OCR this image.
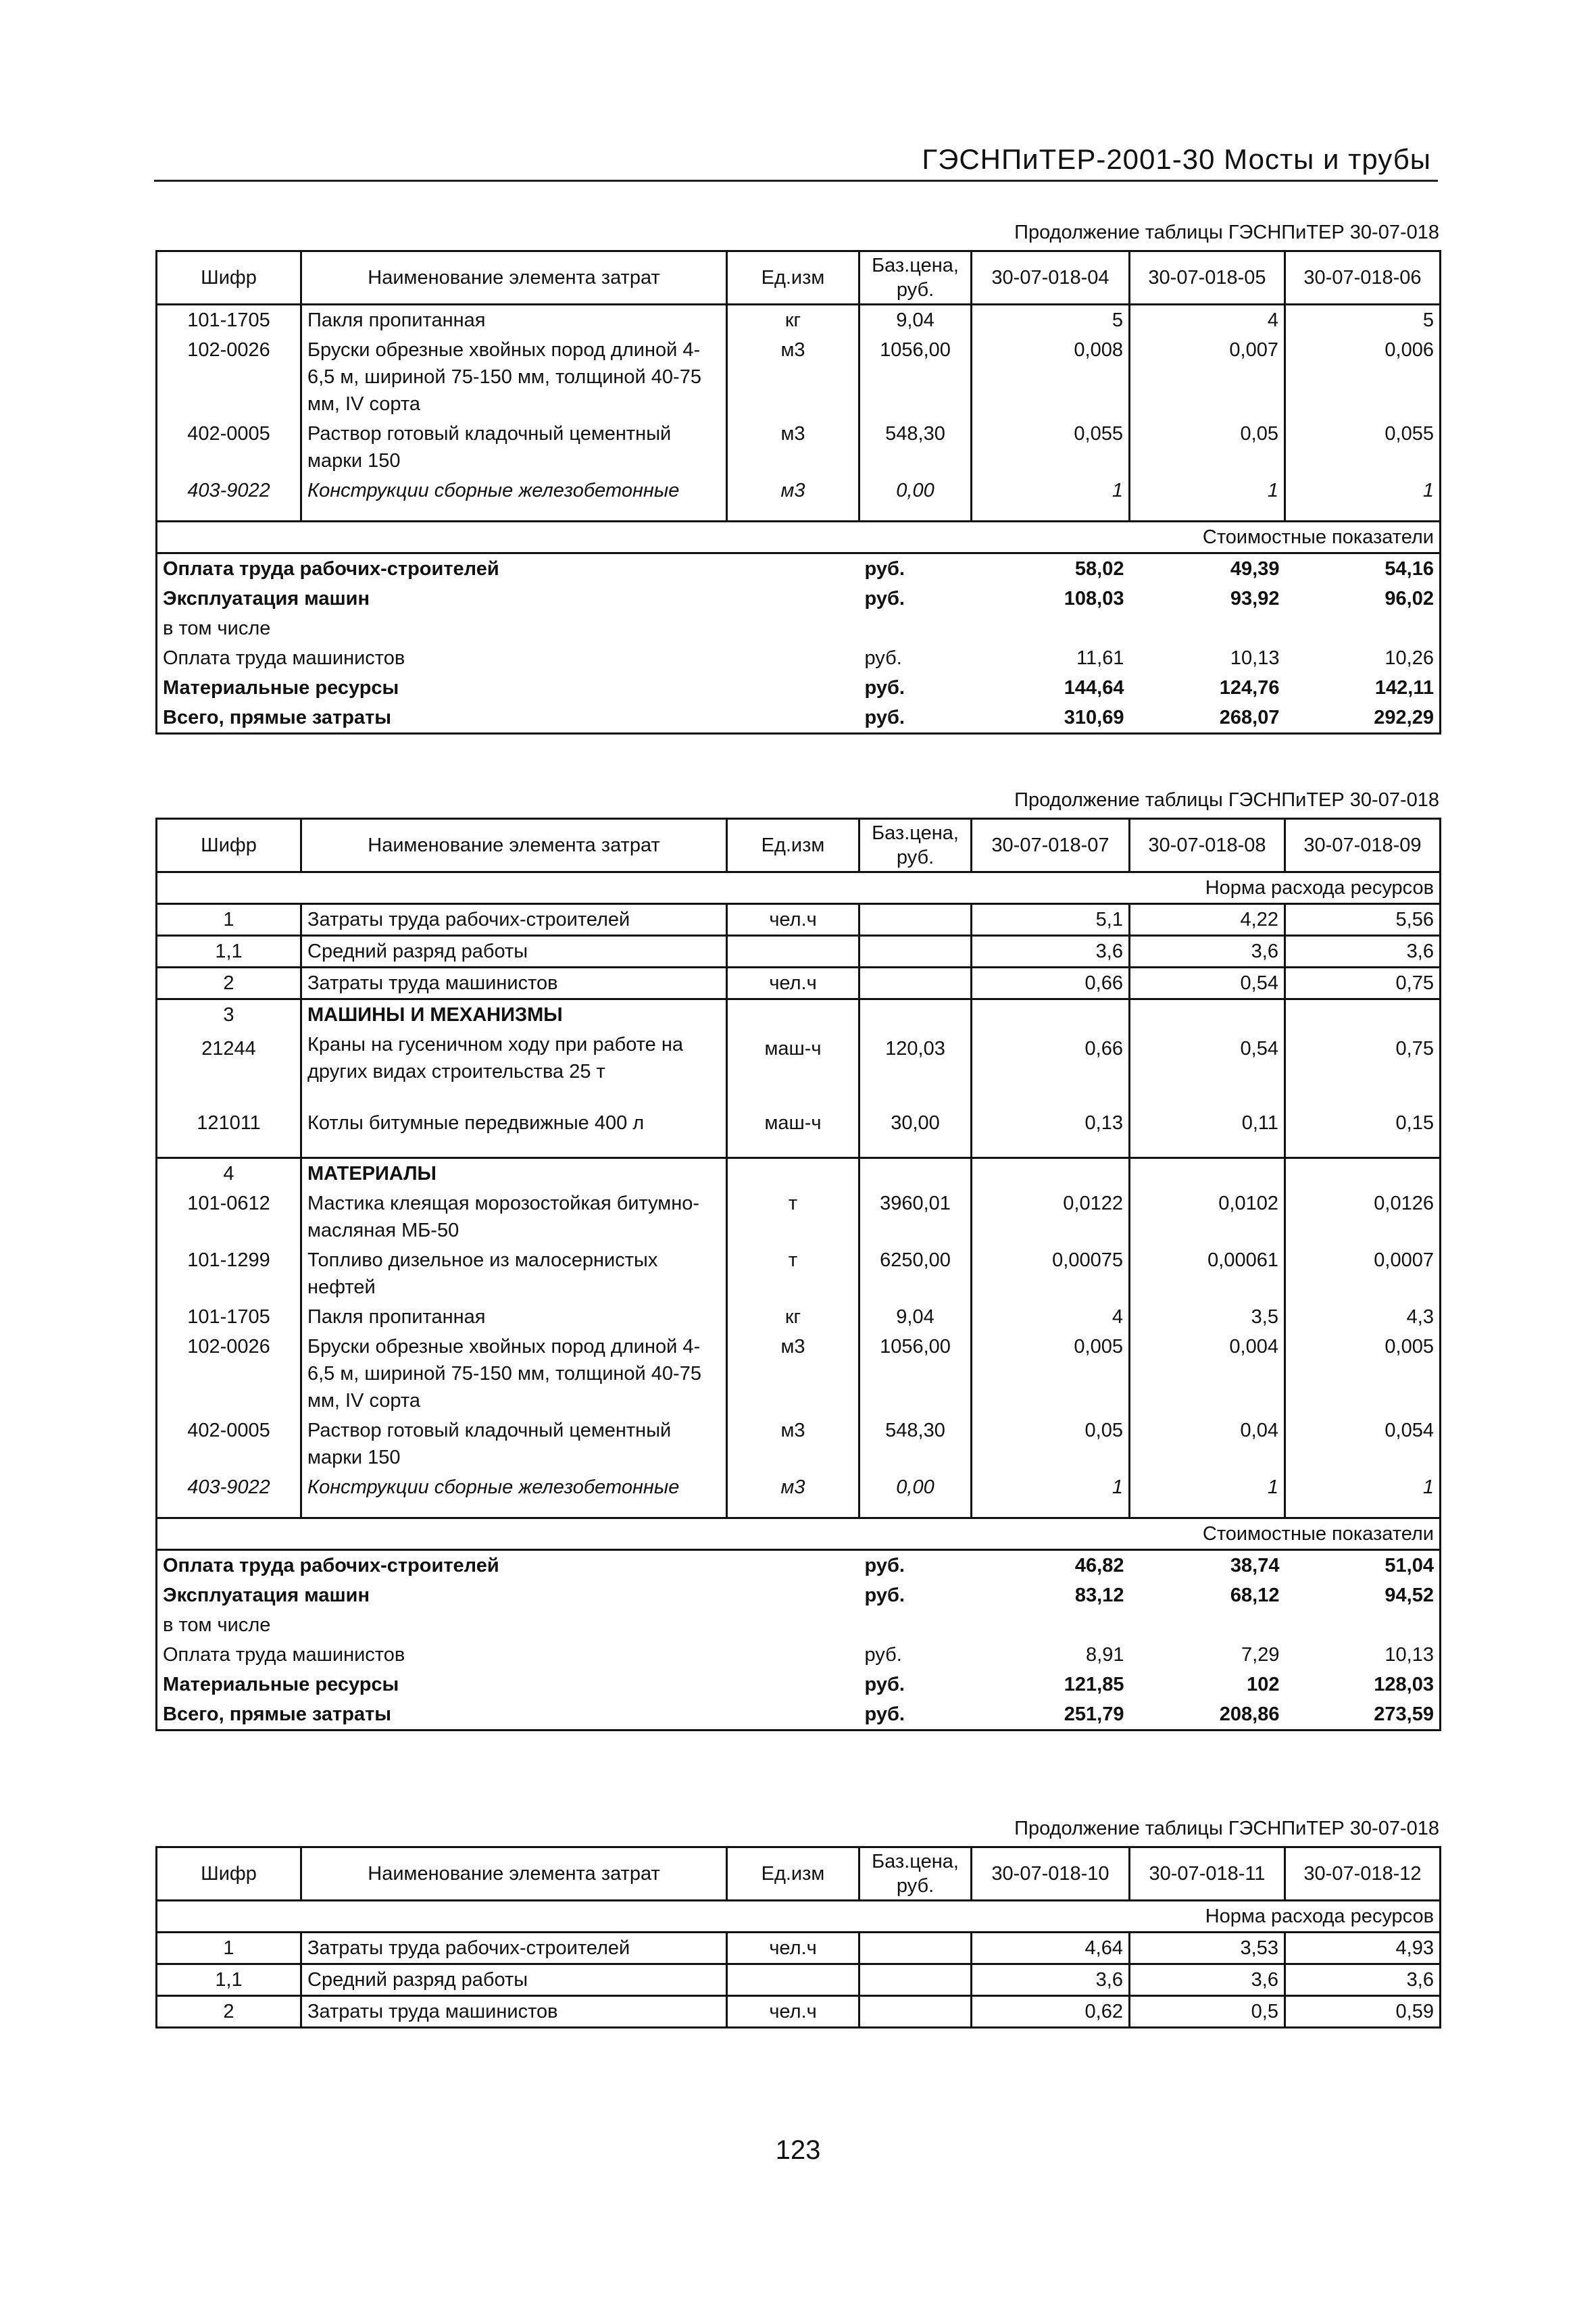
ГЭСНПиТЕР-2001-30 Мосты и трубы
Продолжение таблицы ГЭСНПиТЕР 30-07-018
Шифр	Наименование элемента затрат	Ед.изм	Баз.цена, руб.	30-07-018-04	30-07-018-05	30-07-018-06
101-1705	Пакля пропитанная	кг	9,04	5	4	5
102-0026	Бруски обрезные хвойных пород длиной 4-6,5 м, шириной 75-150 мм, толщиной 40-75 мм, IV сорта	м3	1056,00	0,008	0,007	0,006
402-0005	Раствор готовый кладочный цементный марки 150	м3	548,30	0,055	0,05	0,055
403-9022	Конструкции сборные железобетонные	м3	0,00	1	1	1
Стоимостные показатели						
Оплата труда рабочих-строителей			руб.	58,02	49,39	54,16
Эксплуатация машин			руб.	108,03	93,92	96,02
в том числе						
Оплата труда машинистов			руб.	11,61	10,13	10,26
Материальные ресурсы			руб.	144,64	124,76	142,11
Всего, прямые затраты			руб.	310,69	268,07	292,29
Продолжение таблицы ГЭСНПиТЕР 30-07-018
Шифр	Наименование элемента затрат	Ед.изм	Баз.цена, руб.	30-07-018-07	30-07-018-08	30-07-018-09
Норма расхода ресурсов						
1	Затраты труда рабочих-строителей	чел.ч		5,1	4,22	5,56
1,1	Средний разряд работы			3,6	3,6	3,6
2	Затраты труда машинистов	чел.ч		0,66	0,54	0,75
3	МАШИНЫ И МЕХАНИЗМЫ					
21244	Краны на гусеничном ходу при работе на других видах строительства 25 т	маш-ч	120,03	0,66	0,54	0,75
121011	Котлы битумные передвижные 400 л	маш-ч	30,00	0,13	0,11	0,15
4	МАТЕРИАЛЫ					
101-0612	Мастика клеящая морозостойкая битумно-масляная МБ-50	т	3960,01	0,0122	0,0102	0,0126
101-1299	Топливо дизельное из малосернистых нефтей	т	6250,00	0,00075	0,00061	0,0007
101-1705	Пакля пропитанная	кг	9,04	4	3,5	4,3
102-0026	Бруски обрезные хвойных пород длиной 4-6,5 м, шириной 75-150 мм, толщиной 40-75 мм, IV сорта	м3	1056,00	0,005	0,004	0,005
402-0005	Раствор готовый кладочный цементный марки 150	м3	548,30	0,05	0,04	0,054
403-9022	Конструкции сборные железобетонные	м3	0,00	1	1	1
Стоимостные показатели						
Оплата труда рабочих-строителей			руб.	46,82	38,74	51,04
Эксплуатация машин			руб.	83,12	68,12	94,52
в том числе						
Оплата труда машинистов			руб.	8,91	7,29	10,13
Материальные ресурсы			руб.	121,85	102	128,03
Всего, прямые затраты			руб.	251,79	208,86	273,59
Продолжение таблицы ГЭСНПиТЕР 30-07-018
Шифр	Наименование элемента затрат	Ед.изм	Баз.цена, руб.	30-07-018-10	30-07-018-11	30-07-018-12
Норма расхода ресурсов						
1	Затраты труда рабочих-строителей	чел.ч		4,64	3,53	4,93
1,1	Средний разряд работы			3,6	3,6	3,6
2	Затраты труда машинистов	чел.ч		0,62	0,5	0,59
123
